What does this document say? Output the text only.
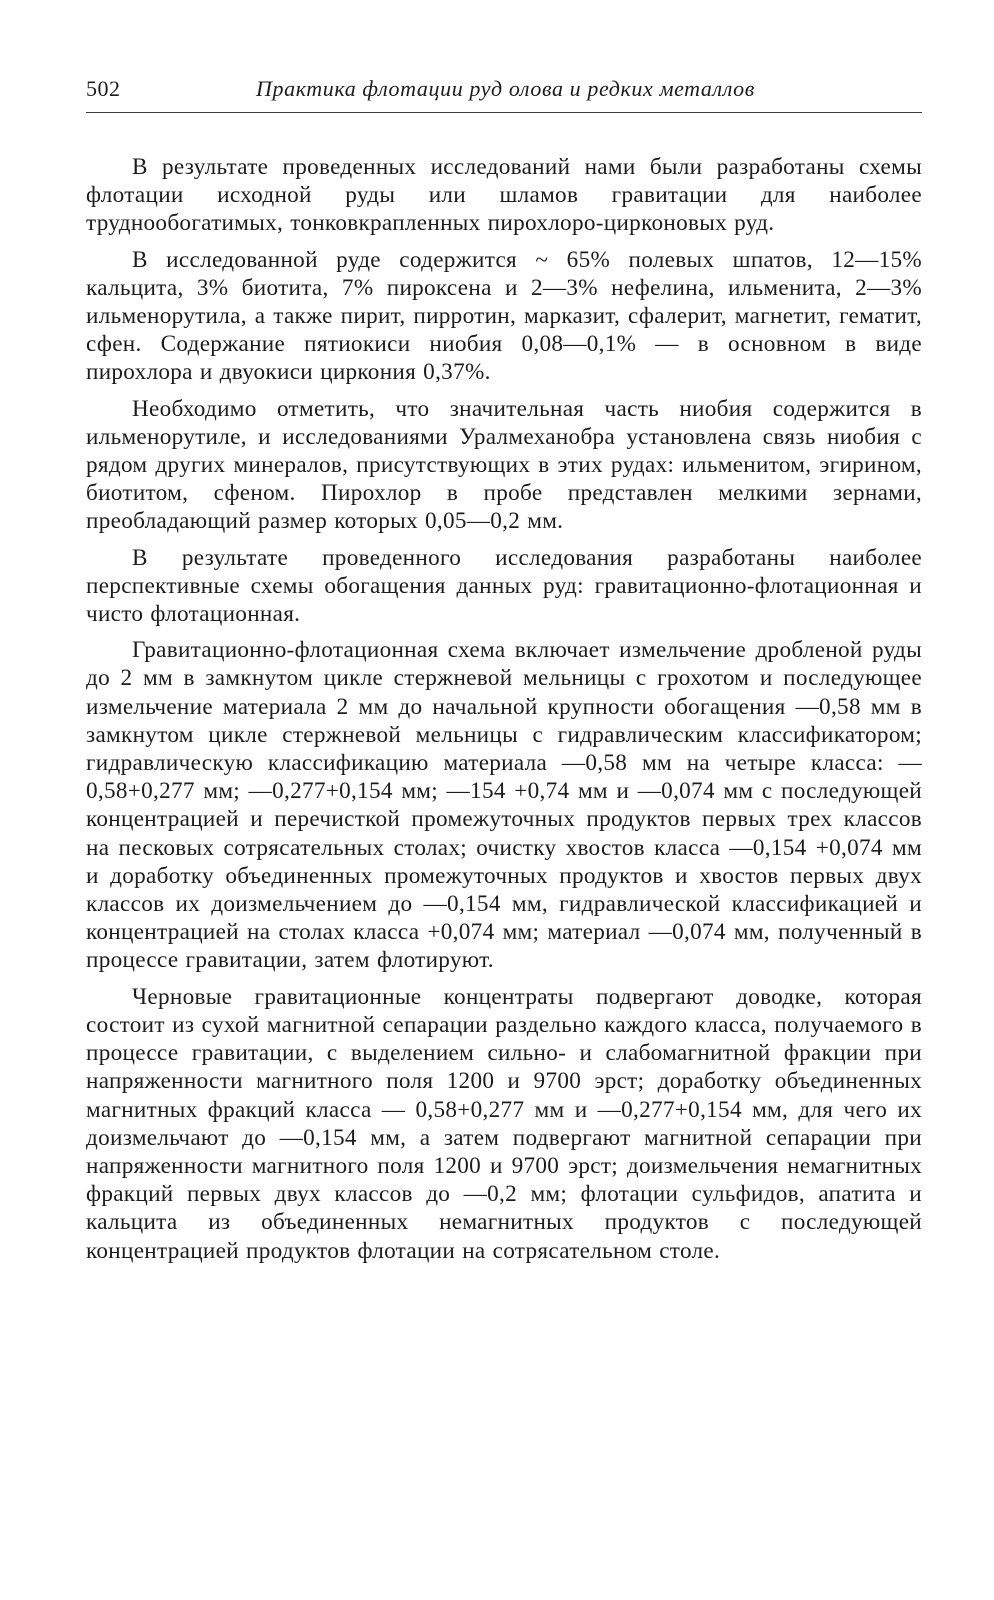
502	Практика флотации руд олова и редких металлов

В результате проведенных исследований нами были разработаны схемы флотации исходной руды или шламов гравитации для наиболее труднообогатимых, тонковкрапленных пирохлоро-цирконовых руд.

В исследованной руде содержится ~ 65% полевых шпатов, 12—15% кальцита, 3% биотита, 7% пироксена и 2—3% нефелина, ильменита, 2—3% ильменорутила, а также пирит, пирротин, марказит, сфалерит, магнетит, гематит, сфен. Содержание пятиокиси ниобия 0,08—0,1% — в основном в виде пирохлора и двуокиси циркония 0,37%.

Необходимо отметить, что значительная часть ниобия содержится в ильменорутиле, и исследованиями Уралмеханобра установлена связь ниобия с рядом других минералов, присутствующих в этих рудах: ильменитом, эгирином, биотитом, сфеном. Пирохлор в пробе представлен мелкими зернами, преобладающий размер которых 0,05—0,2 мм.

В результате проведенного исследования разработаны наиболее перспективные схемы обогащения данных руд: гравитационно-флотационная и чисто флотационная.

Гравитационно-флотационная схема включает измельчение дробленой руды до 2 мм в замкнутом цикле стержневой мельницы с грохотом и последующее измельчение материала 2 мм до начальной крупности обогащения —0,58 мм в замкнутом цикле стержневой мельницы с гидравлическим классификатором; гидравлическую классификацию материала —0,58 мм на четыре класса: —0,58+0,277 мм; —0,277+0,154 мм; —154 +0,74 мм и —0,074 мм с последующей концентрацией и перечисткой промежуточных продуктов первых трех классов на песковых сотрясательных столах; очистку хвостов класса —0,154 +0,074 мм и доработку объединенных промежуточных продуктов и хвостов первых двух классов их доизмельчением до —0,154 мм, гидравлической классификацией и концентрацией на столах класса +0,074 мм; материал —0,074 мм, полученный в процессе гравитации, затем флотируют.

Черновые гравитационные концентраты подвергают доводке, которая состоит из сухой магнитной сепарации раздельно каждого класса, получаемого в процессе гравитации, с выделением сильно- и слабомагнитной фракции при напряженности магнитного поля 1200 и 9700 эрст; доработку объединенных магнитных фракций класса — 0,58+0,277 мм и —0,277+0,154 мм, для чего их доизмельчают до —0,154 мм, а затем подвергают магнитной сепарации при напряженности магнитного поля 1200 и 9700 эрст; доизмельчения немагнитных фракций первых двух классов до —0,2 мм; флотации сульфидов, апатита и кальцита из объединенных немагнитных продуктов с последующей концентрацией продуктов флотации на сотрясательном столе.
